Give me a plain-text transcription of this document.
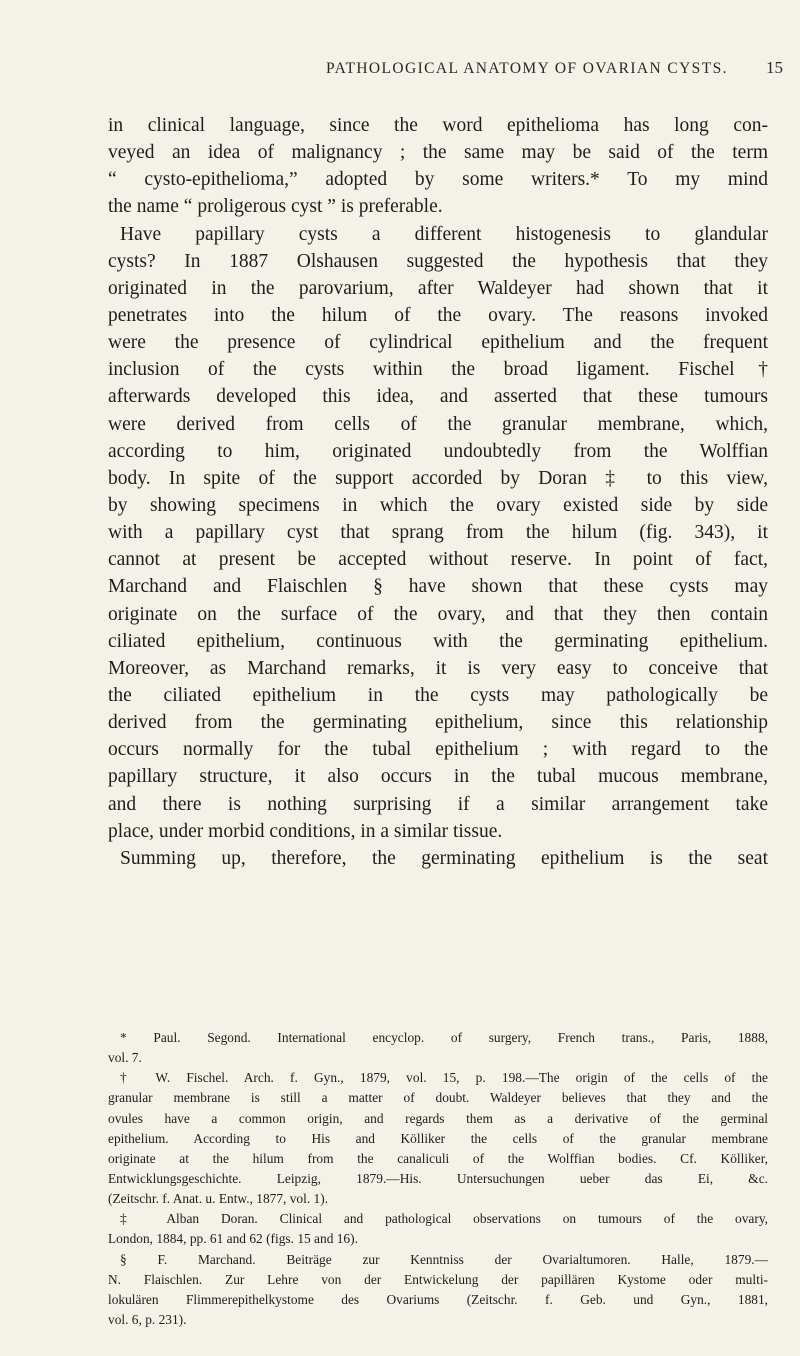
PATHOLOGICAL ANATOMY OF OVARIAN CYSTS. 15
in clinical language, since the word epithelioma has long con-
veyed an idea of malignancy ; the same may be said of the term
“ cysto-epithelioma,” adopted by some writers.* To my mind
the name “ proligerous cyst ” is preferable.
Have papillary cysts a different histogenesis to glandular
cysts? In 1887 Olshausen suggested the hypothesis that they
originated in the parovarium, after Waldeyer had shown that it
penetrates into the hilum of the ovary. The reasons invoked
were the presence of cylindrical epithelium and the frequent
inclusion of the cysts within the broad ligament. Fischel†
afterwards developed this idea, and asserted that these tumours
were derived from cells of the granular membrane, which,
according to him, originated undoubtedly from the Wolffian
body. In spite of the support accorded by Doran ‡ to this view,
by showing specimens in which the ovary existed side by side
with a papillary cyst that sprang from the hilum (fig. 343), it
cannot at present be accepted without reserve. In point of fact,
Marchand and Flaischlen § have shown that these cysts may
originate on the surface of the ovary, and that they then contain
ciliated epithelium, continuous with the germinating epithelium.
Moreover, as Marchand remarks, it is very easy to conceive that
the ciliated epithelium in the cysts may pathologically be
derived from the germinating epithelium, since this relationship
occurs normally for the tubal epithelium ; with regard to the
papillary structure, it also occurs in the tubal mucous membrane,
and there is nothing surprising if a similar arrangement take
place, under morbid conditions, in a similar tissue.
Summing up, therefore, the germinating epithelium is the seat
* Paul. Segond. International encyclop. of surgery, French trans., Paris, 1888,
vol. 7.
† W. Fischel. Arch. f. Gyn., 1879, vol. 15, p. 198.—The origin of the cells of the
granular membrane is still a matter of doubt. Waldeyer believes that they and the
ovules have a common origin, and regards them as a derivative of the germinal
epithelium. According to His and Kölliker the cells of the granular membrane
originate at the hilum from the canaliculi of the Wolffian bodies. Cf. Kölliker,
Entwicklungsgeschichte. Leipzig, 1879.—His. Untersuchungen ueber das Ei, &c.
(Zeitschr. f. Anat. u. Entw., 1877, vol. 1).
‡ Alban Doran. Clinical and pathological observations on tumours of the ovary,
London, 1884, pp. 61 and 62 (figs. 15 and 16).
§ F. Marchand. Beiträge zur Kenntniss der Ovarialtumoren. Halle, 1879.—
N. Flaischlen. Zur Lehre von der Entwickelung der papillären Kystome oder multi-
lokulären Flimmerepithelkystome des Ovariums (Zeitschr. f. Geb. und Gyn., 1881,
vol. 6, p. 231).
